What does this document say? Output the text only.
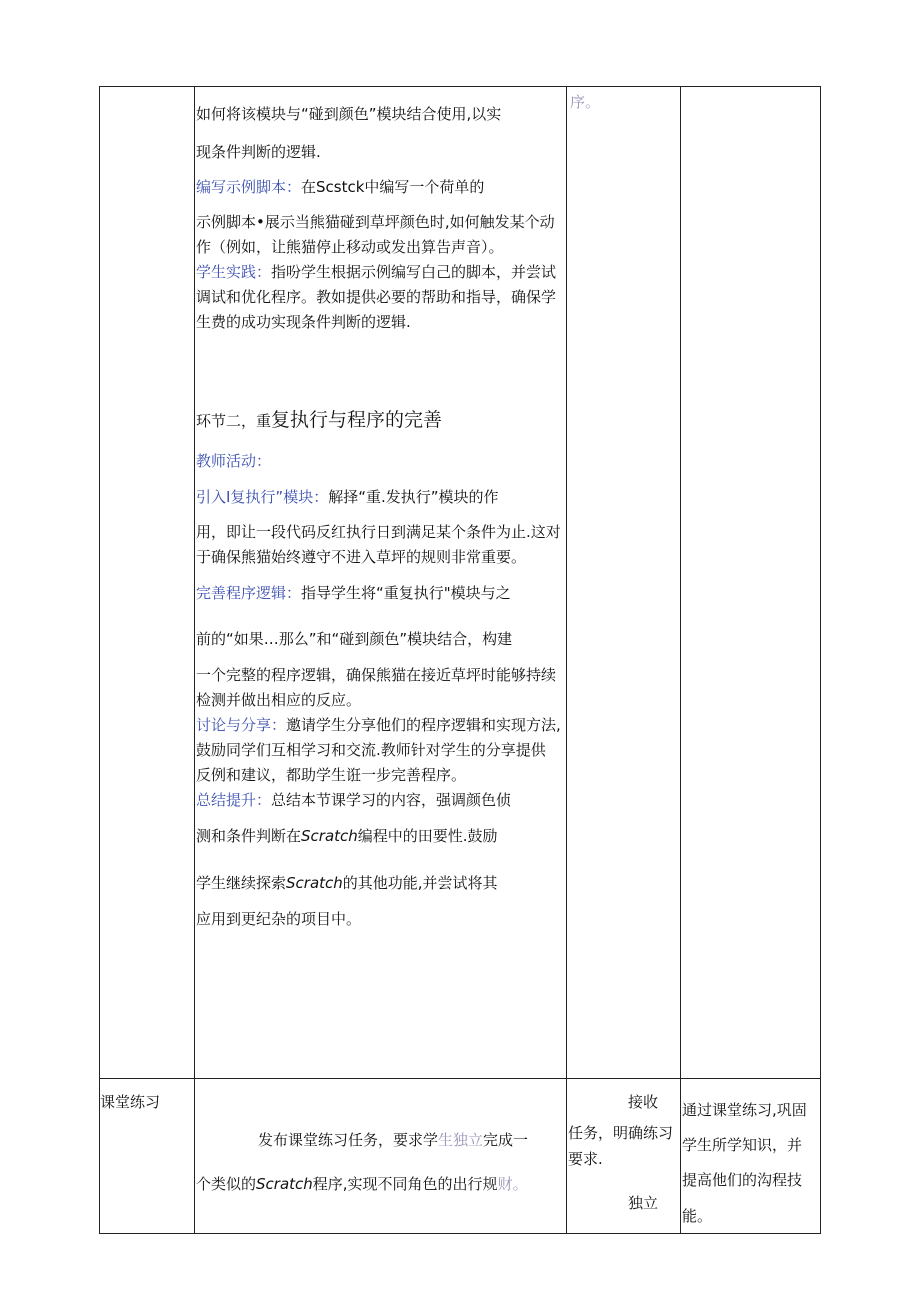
序。
如何将该模块与“碰到颜色”模块结合使用,以实
现条件判断的逻辑.
编写示例脚本：在Scstck中编写一个荷单的
示例脚本•展示当熊猫碰到草坪颜色时,如何触发某个动
作（例如，让熊猫停止移动或发出算告声音）。
学生实践：指吩学生根据示例编写白己的脚本，并尝试
调试和优化程序。教如提供必要的帮助和指导，确保学
生费的成功实现条件判断的逻辑.
环节二，重复执行与程序的完善
教师活动：
引入I复执行”模块：解择“重.发执行”模块的作
用，即让一段代码反红执行日到满足某个条件为止.这对
于确保熊猫始终遵守不进入草坪的规则非常重要。
完善程序逻辑：指导学生将“重复执行"模块与之
前的“如果…那么”和“碰到颜色”模块结合，构建
一个完整的程序逻辑，确保熊猫在接近草坪时能够持续
检测并做出相应的反应。
讨论与分享：邀请学生分享他们的程序逻辑和实现方法,
鼓励同学们互相学习和交流.教师针对学生的分享提供
反例和建议，都助学生诳一步完善程序。
总结提升：总结本节课学习的内容，强调颜色侦
测和条件判断在Scratch编程中的田要性.鼓励
学生继续探索Scratch的其他功能,并尝试将其
应用到更纪杂的项目中。
课堂练习
发布课堂练习任务，要求学生独立完成一
个类似的Scratch程序,实现不同角色的出行规财。
接收
任务，明确练习
要求.
独立
通过课堂练习,巩固
学生所学知识，并
提高他们的沟程技
能。
